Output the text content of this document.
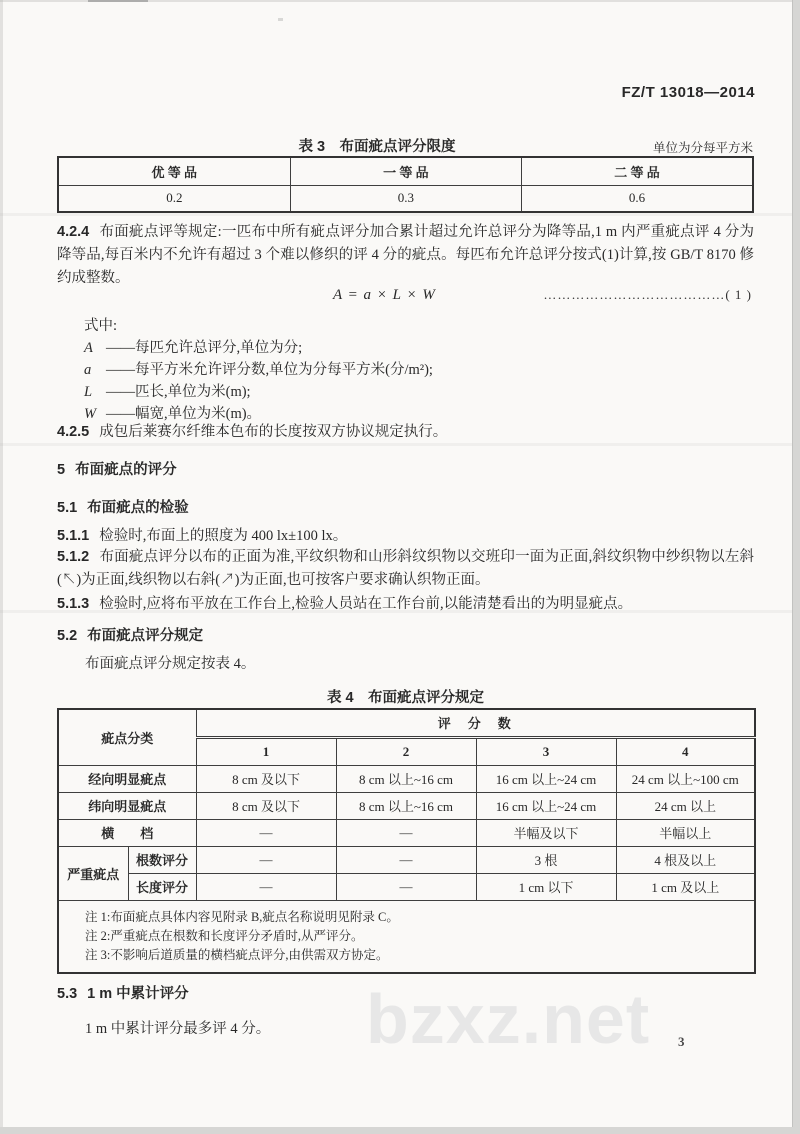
bzxz.net
FZ/T 13018—2014
表 3　布面疵点评分限度	单位为分每平方米
优 等 品	一 等 品	二 等 品
0.2	0.3	0.6
4.2.4 布面疵点评等规定:一匹布中所有疵点评分加合累计超过允许总评分为降等品,1 m 内严重疵点评 4 分为降等品,每百米内不允许有超过 3 个难以修织的评 4 分的疵点。每匹布允许总评分按式(1)计算,按 GB/T 8170 修约成整数。
A = a × L × W	…………………………………( 1 )
式中:
A ——每匹允许总评分,单位为分;
a ——每平方米允许评分数,单位为分每平方米(分/m²);
L ——匹长,单位为米(m);
W ——幅宽,单位为米(m)。
4.2.5 成包后莱赛尔纤维本色布的长度按双方协议规定执行。
5 布面疵点的评分
5.1 布面疵点的检验
5.1.1 检验时,布面上的照度为 400 lx±100 lx。
5.1.2 布面疵点评分以布的正面为准,平纹织物和山形斜纹织物以交班印一面为正面,斜纹织物中纱织物以左斜(↖)为正面,线织物以右斜(↗)为正面,也可按客户要求确认织物正面。
5.1.3 检验时,应将布平放在工作台上,检验人员站在工作台前,以能清楚看出的为明显疵点。
5.2 布面疵点评分规定
布面疵点评分规定按表 4。
表 4　布面疵点评分规定
疵点分类		评　分　数			
		1	2	3	4
经向明显疵点		8 cm 及以下	8 cm 以上~16 cm	16 cm 以上~24 cm	24 cm 以上~100 cm
纬向明显疵点		8 cm 及以下	8 cm 以上~16 cm	16 cm 以上~24 cm	24 cm 以上
横　　档		—	—	半幅及以下	半幅以上
严重疵点	根数评分	—	—	3 根	4 根及以上
	长度评分	—	—	1 cm 以下	1 cm 及以上

注 1:布面疵点具体内容见附录 B,疵点名称说明见附录 C。
注 2:严重疵点在根数和长度评分矛盾时,从严评分。
注 3:不影响后道质量的横档疵点评分,由供需双方协定。					
5.3 1 m 中累计评分
1 m 中累计评分最多评 4 分。
3
